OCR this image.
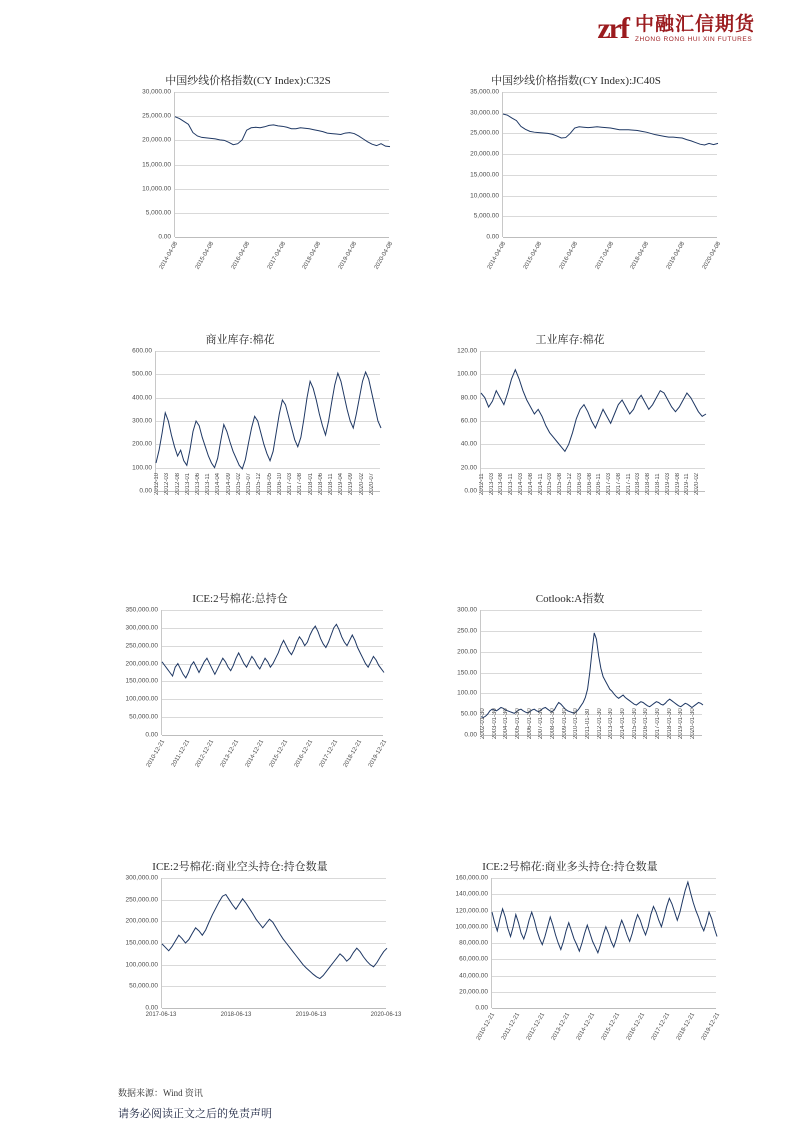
zrf 中融汇信期货
ZHONG RONG HUI XIN FUTURES
中国纱线价格指数(CY Index):C32S
0.00
5,000.00
10,000.00
15,000.00
20,000.00
25,000.00
30,000.00
2014-04-08	2015-04-08	2016-04-08	2017-04-08	2018-04-08	2019-04-08	2020-04-08
中国纱线价格指数(CY Index):JC40S
0.00
5,000.00
10,000.00
15,000.00
20,000.00
25,000.00
30,000.00
35,000.00
2014-04-08	2015-04-08	2016-04-08	2017-04-08	2018-04-08	2019-04-08	2020-04-08
商业库存:棉花
0.00
100.00
200.00
300.00
400.00
500.00
600.00
2012-10 2012-03 2012-08 2013-01 2013-06 2013-11 2014-04 2014-09 2015-02 2015-07 2015-12 2016-05 2016-10 2017-03 2017-08 2018-01 2018-06 2018-11 2019-04 2019-09 2020-02 2020-07
工业库存:棉花
0.00
20.00
40.00
60.00
80.00
100.00
120.00
2012-11 2013-03 2013-08 2013-11 2014-03 2014-08 2014-11 2015-03 2015-08 2015-12 2016-03 2016-08 2016-11 2017-03 2017-08 2017-11 2018-03 2018-08 2018-11 2019-03 2019-08 2019-11 2020-02
ICE:2号棉花:总持仓
0.00
50,000.00
100,000.00
150,000.00
200,000.00
250,000.00
300,000.00
350,000.00
2010-12-21 2011-12-21 2012-12-21 2013-12-21 2014-12-21 2015-12-21 2016-12-21 2017-12-21 2018-12-21 2019-12-21
Cotlook:A指数
0.00
50.00
100.00
150.00
200.00
250.00
300.00
2002-01-30 2003-01-30 2004-01-30 2005-01-30 2006-01-30 2007-01-30 2008-01-30 2009-01-30 2010-01-30 2011-01-30 2012-01-30 2013-01-30 2014-01-30 2015-01-30 2016-01-30 2017-01-30 2018-01-30 2019-01-30 2020-01-30
ICE:2号棉花:商业空头持仓:持仓数量
0.00
50,000.00
100,000.00
150,000.00
200,000.00
250,000.00
300,000.00
2017-06-13	2018-06-13	2019-06-13	2020-06-13
ICE:2号棉花:商业多头持仓:持仓数量
0.00
20,000.00
40,000.00
60,000.00
80,000.00
100,000.00
120,000.00
140,000.00
160,000.00
2010-12-21 2011-12-21 2012-12-21 2013-12-21 2014-12-21 2015-12-21 2016-12-21 2017-12-21 2018-12-21 2019-12-21
数据来源：Wind 资讯
请务必阅读正文之后的免责声明
